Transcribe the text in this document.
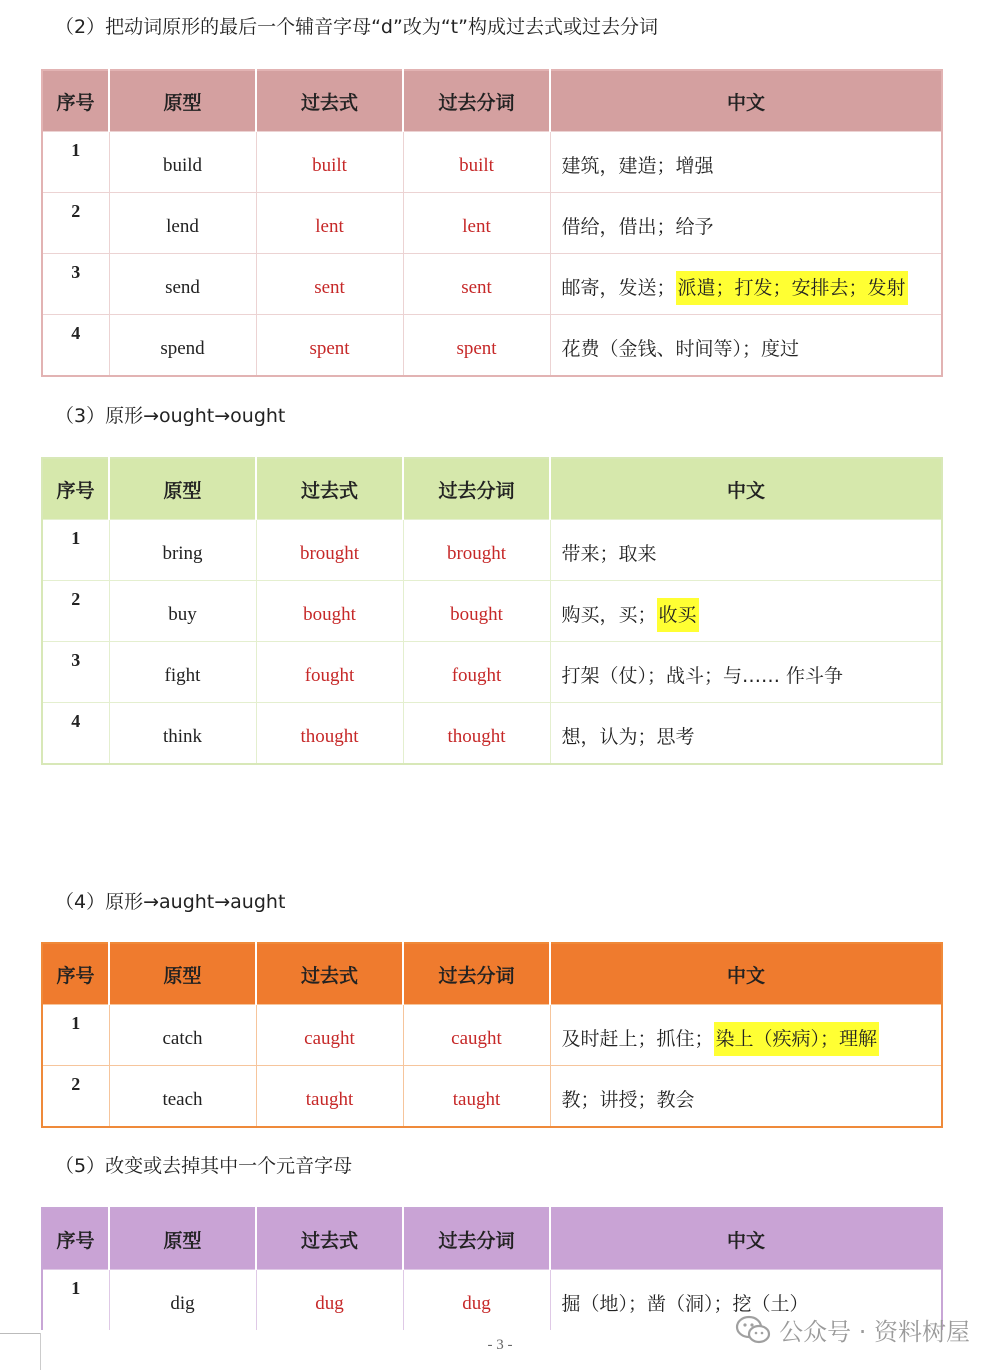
（2）把动词原形的最后一个辅音字母“d”改为“t”构成过去式或过去分词
序号	原型	过去式	过去分词	中文
1	build	built	built	建筑，建造；增强
2	lend	lent	lent	借给，借出；给予
3	send	sent	sent	邮寄，发送； 派遣；打发；安排去；发射
4	spend	spent	spent	花费（金钱、时间等）；度过
（3）原形→ought→ought
序号	原型	过去式	过去分词	中文
1	bring	brought	brought	带来；取来
2	buy	bought	bought	购买，买； 收买
3	fight	fought	fought	打架（仗）；战斗；与…… 作斗争
4	think	thought	thought	想，认为；思考
（4）原形→aught→aught
序号	原型	过去式	过去分词	中文
1	catch	caught	caught	及时赶上；抓住； 染上（疾病）；理解
2	teach	taught	taught	教；讲授；教会
（5）改变或去掉其中一个元音字母
序号	原型	过去式	过去分词	中文
1	dig	dug	dug	掘（地）；凿（洞）；挖（土）
- 3 -	公众号 · 资料树屋
